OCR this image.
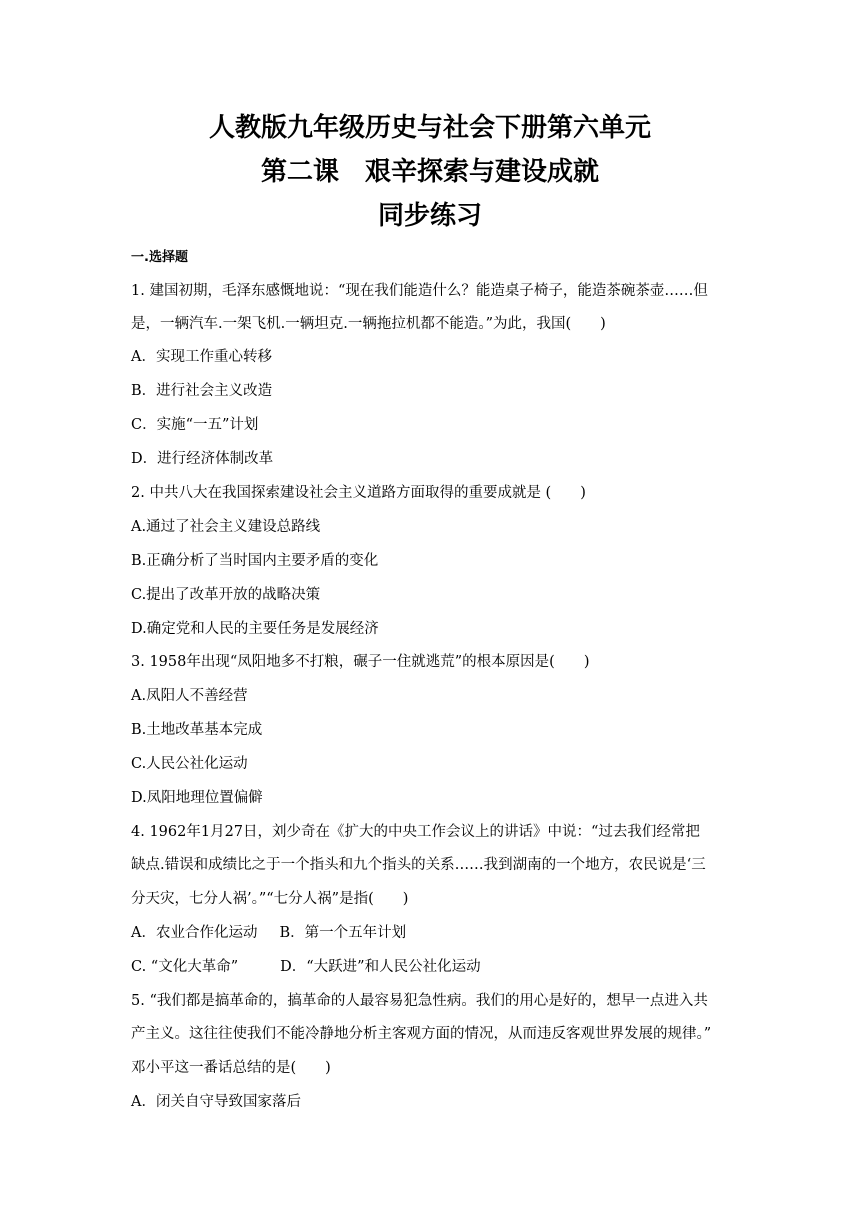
人教版九年级历史与社会下册第六单元
第二课　艰辛探索与建设成就
同步练习
一.选择题
1. 建国初期，毛泽东感慨地说：“现在我们能造什么？能造桌子椅子，能造茶碗茶壶……但
是，一辆汽车.一架飞机.一辆坦克.一辆拖拉机都不能造。”为此，我国(　　)
A．实现工作重心转移
B．进行社会主义改造
C．实施“一五”计划
D．进行经济体制改革
2. 中共八大在我国探索建设社会主义道路方面取得的重要成就是 (　　)
A.通过了社会主义建设总路线
B.正确分析了当时国内主要矛盾的变化
C.提出了改革开放的战略决策
D.确定党和人民的主要任务是发展经济
3. 1958年出现“凤阳地多不打粮，碾子一住就逃荒”的根本原因是(　　)
A.凤阳人不善经营
B.土地改革基本完成
C.人民公社化运动
D.凤阳地理位置偏僻
4. 1962年1月27日，刘少奇在《扩大的中央工作会议上的讲话》中说：“过去我们经常把
缺点.错误和成绩比之于一个指头和九个指头的关系……我到湖南的一个地方，农民说是‘三
分天灾，七分人祸’。”“七分人祸”是指(　　)
A．农业合作化运动 B．第一个五年计划
C. “文化大革命”	D．“大跃进”和人民公社化运动
5. “我们都是搞革命的，搞革命的人最容易犯急性病。我们的用心是好的，想早一点进入共
产主义。这往往使我们不能冷静地分析主客观方面的情况，从而违反客观世界发展的规律。”
邓小平这一番话总结的是(　　)
A．闭关自守导致国家落后
